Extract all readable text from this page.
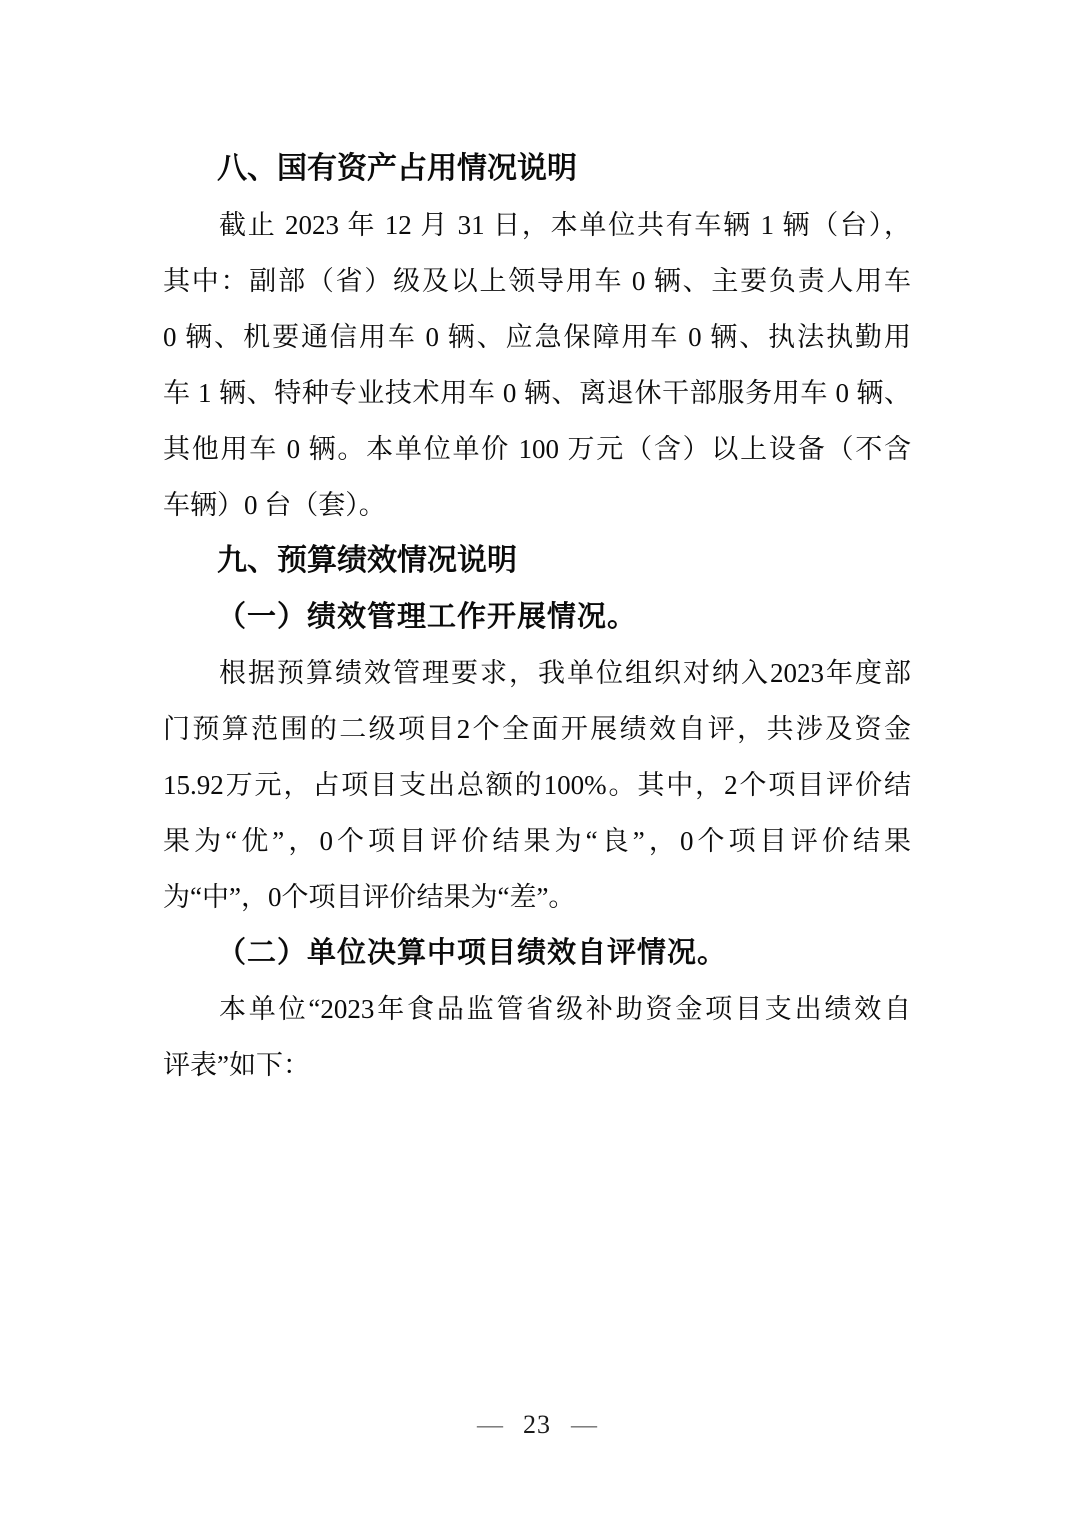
八、国有资产占用情况说明
截止 2023 年 12 月 31 日，本单位共有车辆 1 辆（台），
其中：副部（省）级及以上领导用车 0 辆、主要负责人用车
0 辆、机要通信用车 0 辆、应急保障用车 0 辆、执法执勤用
车 1 辆、特种专业技术用车 0 辆、离退休干部服务用车 0 辆、
其他用车 0 辆。本单位单价 100 万元（含）以上设备（不含
车辆）0 台（套）。
九、预算绩效情况说明
（一）绩效管理工作开展情况。
根据预算绩效管理要求，我单位组织对纳入2023年度部
门预算范围的二级项目2个全面开展绩效自评，共涉及资金
15.92万元，占项目支出总额的100%。其中，2个项目评价结
果为“优”，0个项目评价结果为“良”，0个项目评价结果
为“中”，0个项目评价结果为“差”。
（二）单位决算中项目绩效自评情况。
本单位“2023年食品监管省级补助资金项目支出绩效自
评表”如下：
— 23 —
